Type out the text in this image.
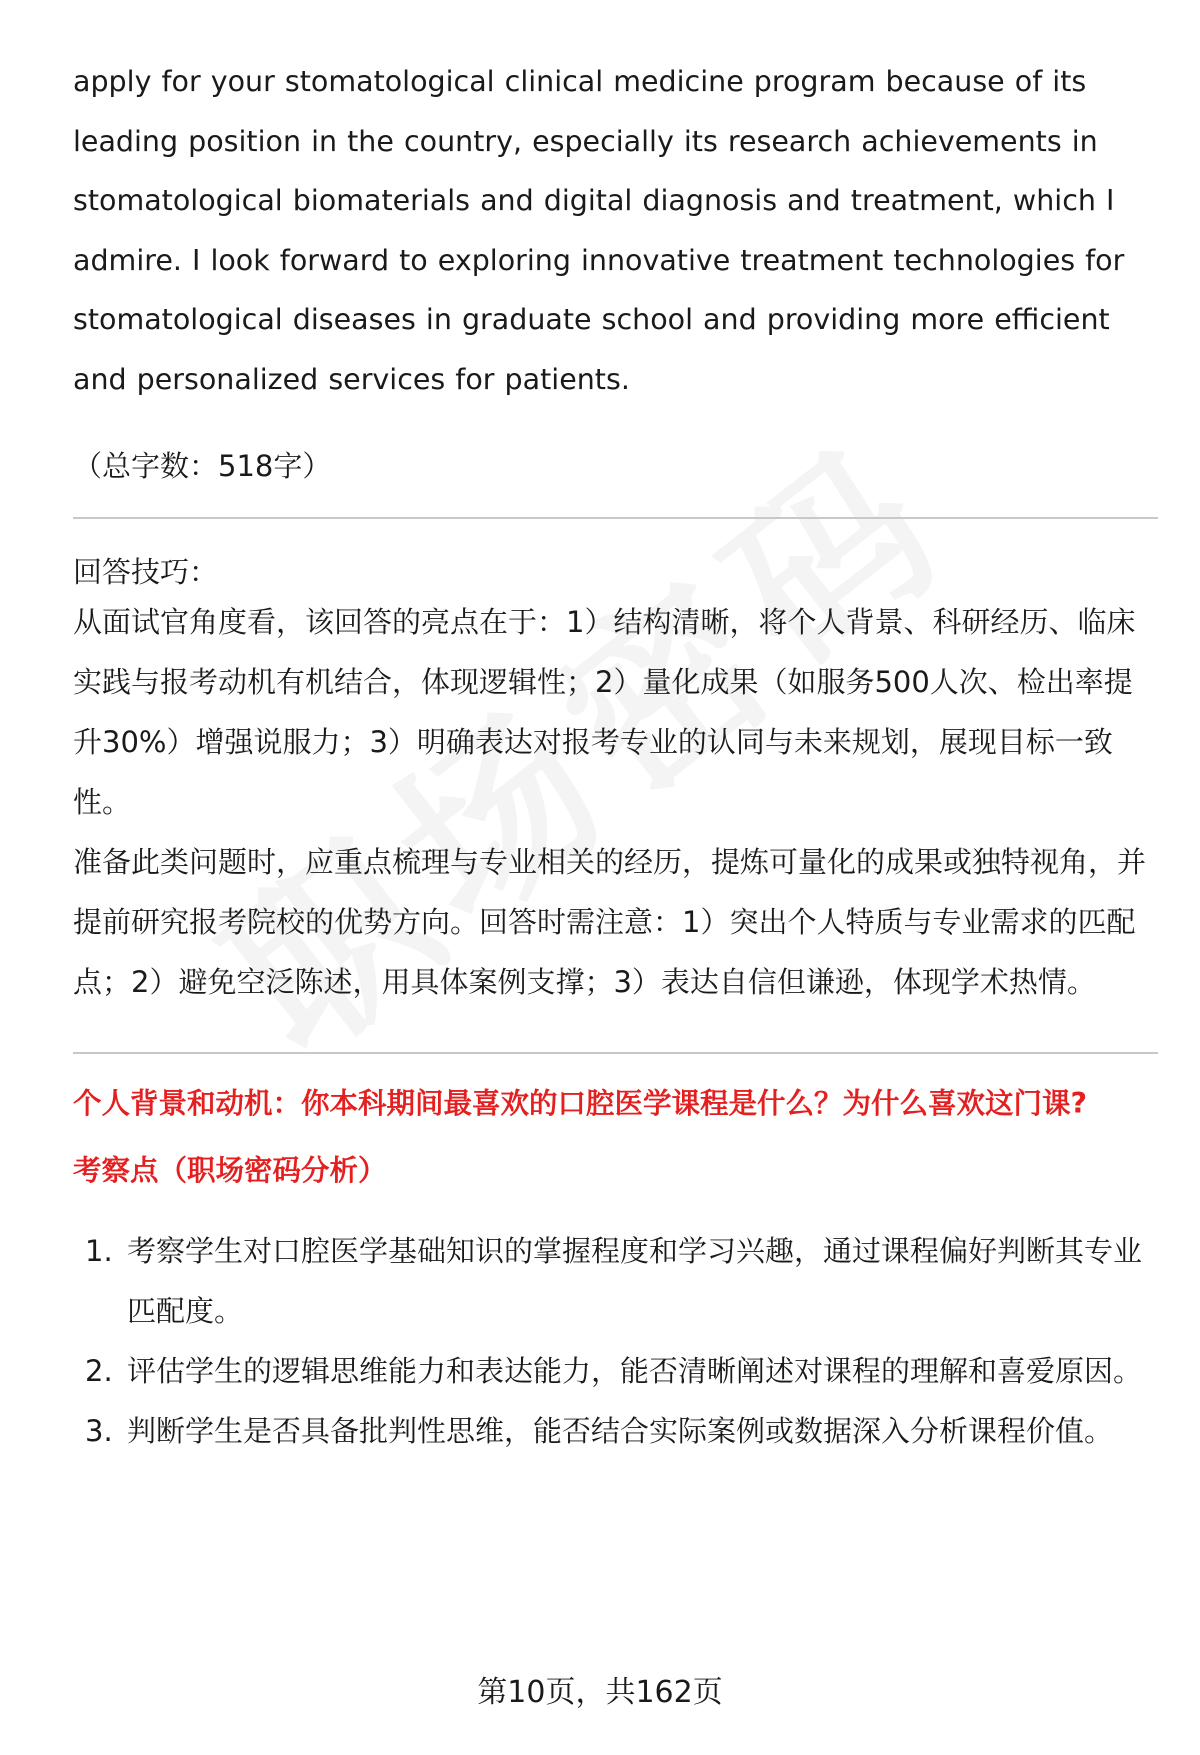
apply for your stomatological clinical medicine program because of its leading position in the country, especially its research achievements in stomatological biomaterials and digital diagnosis and treatment, which I admire. I look forward to exploring innovative treatment technologies for stomatological diseases in graduate school and providing more efficient and personalized services for patients.

（总字数：518字）

回答技巧：

从面试官角度看，该回答的亮点在于：1）结构清晰，将个人背景、科研经历、临床实践与报考动机有机结合，体现逻辑性；2）量化成果（如服务500人次、检出率提升30%）增强说服力；3）明确表达对报考专业的认同与未来规划，展现目标一致性。

准备此类问题时，应重点梳理与专业相关的经历，提炼可量化的成果或独特视角，并提前研究报考院校的优势方向。回答时需注意：1）突出个人特质与专业需求的匹配点；2）避免空泛陈述，用具体案例支撑；3）表达自信但谦逊，体现学术热情。

个人背景和动机：你本科期间最喜欢的口腔医学课程是什么？为什么喜欢这门课?

考察点（职场密码分析）

1. 考察学生对口腔医学基础知识的掌握程度和学习兴趣，通过课程偏好判断其专业匹配度。
2. 评估学生的逻辑思维能力和表达能力，能否清晰阐述对课程的理解和喜爱原因。
3. 判断学生是否具备批判性思维，能否结合实际案例或数据深入分析课程价值。
第10页，共162页
